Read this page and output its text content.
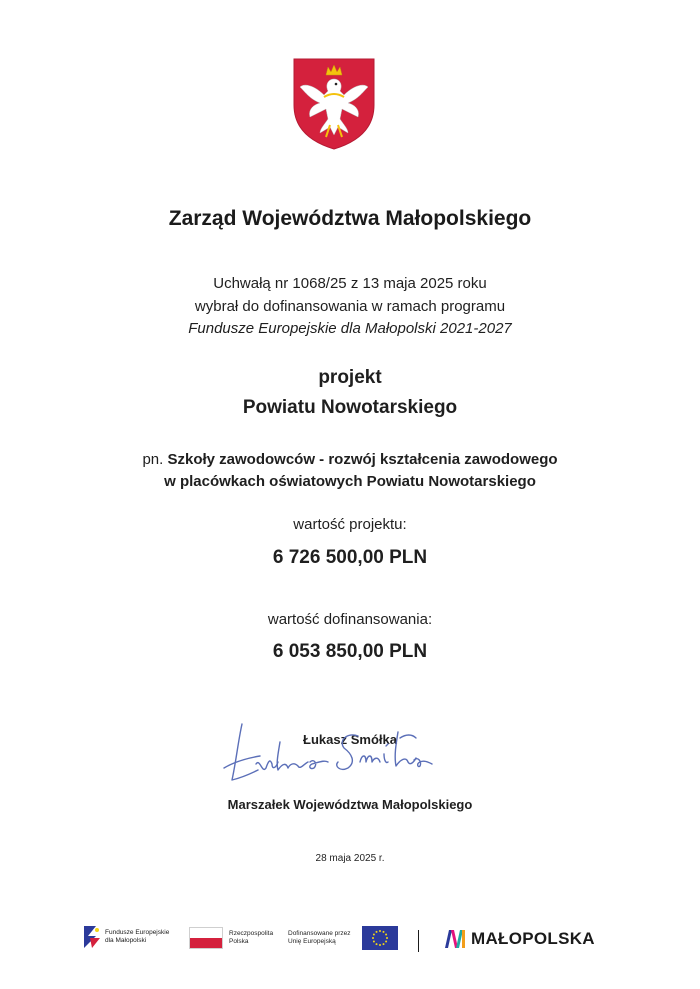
Zarząd Województwa Małopolskiego
Uchwałą nr 1068/25 z 13 maja 2025 roku
wybrał do dofinansowania w ramach programu
Fundusze Europejskie dla Małopolski 2021-2027
projekt
Powiatu Nowotarskiego
pn. Szkoły zawodowców - rozwój kształcenia zawodowego
w placówkach oświatowych Powiatu Nowotarskiego
wartość projektu:
6 726 500,00 PLN
wartość dofinansowania:
6 053 850,00 PLN
Łukasz Smółka
Marszałek Województwa Małopolskiego
28 maja 2025 r.
Fundusze Europejskie
dla Małopolski
Rzeczpospolita
Polska
Dofinansowane przez
Unię Europejską	MAŁOPOLSKA
